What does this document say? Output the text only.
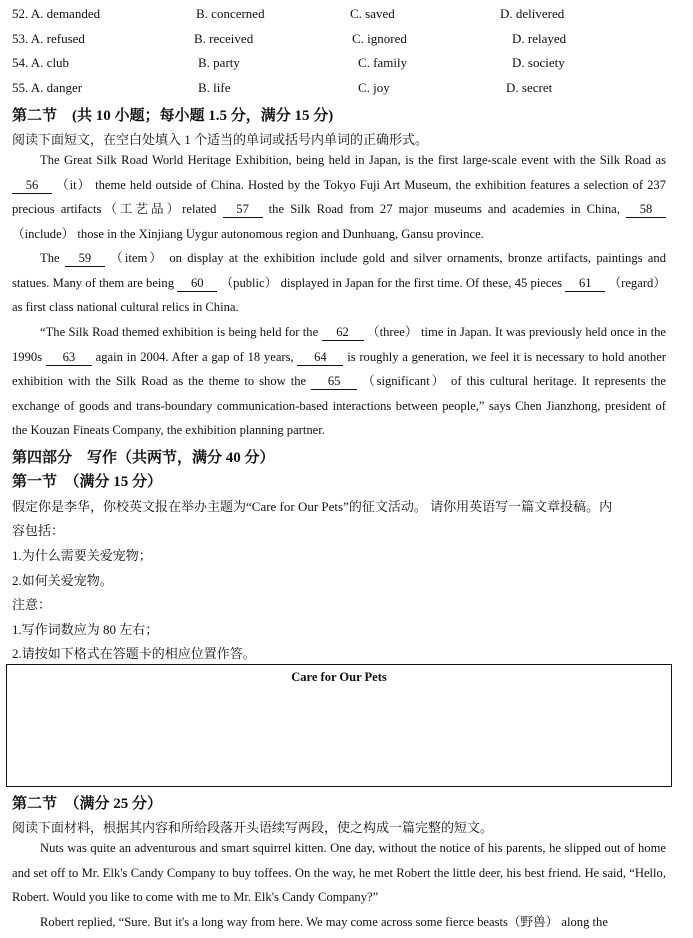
52. A. demanded	B. concerned	C. saved	D. delivered
53. A. refused	B. received	C. ignored	D. relayed
54. A. club	B. party	C. family	D. society
55. A. danger	B. life	C. joy	D. secret
第二节　(共 10 小题；每小题 1.5 分，满分 15 分)
阅读下面短文，在空白处填入 1 个适当的单词或括号内单词的正确形式。

The Great Silk Road World Heritage Exhibition, being held in Japan, is the first large-scale event with the Silk Road as 56 （it） theme held outside of China. Hosted by the Tokyo Fuji Art Museum, the exhibition features a selection of 237 precious artifacts（工艺品）related 57 the Silk Road from 27 major museums and academies in China, 58 （include） those in the Xinjiang Uygur autonomous region and Dunhuang, Gansu province.

The 59 （item） on display at the exhibition include gold and silver ornaments, bronze artifacts, paintings and statues. Many of them are being 60 （public） displayed in Japan for the first time. Of these, 45 pieces 61 （regard） as first class national cultural relics in China.

“The Silk Road themed exhibition is being held for the 62 （three） time in Japan. It was previously held once in the 1990s 63 again in 2004. After a gap of 18 years, 64 is roughly a generation, we feel it is necessary to hold another exhibition with the Silk Road as the theme to show the 65 （significant） of this cultural heritage. It represents the exchange of goods and trans-boundary communication-based interactions between people,” says Chen Jianzhong, president of the Kouzan Fineats Company, the exhibition planning partner.

第四部分　写作（共两节，满分 40 分）
第一节　（满分 15 分）
假定你是李华，你校英文报在举办主题为“Care for Our Pets”的征文活动。 请你用英语写一篇文章投稿。内
容包括：
1.为什么需要关爱宠物；
2.如何关爱宠物。
注意：
1.写作词数应为 80 左右；
2.请按如下格式在答题卡的相应位置作答。
Care for Our Pets
第二节　（满分 25 分）
阅读下面材料，根据其内容和所给段落开头语续写两段，使之构成一篇完整的短文。

Nuts was quite an adventurous and smart squirrel kitten. One day, without the notice of his parents, he slipped out of home and set off to Mr. Elk's Candy Company to buy toffees. On the way, he met Robert the little deer, his best friend. He said, “Hello, Robert. Would you like to come with me to Mr. Elk's Candy Company?”

Robert replied, “Sure. But it's a long way from here. We may come across some fierce beasts（野兽） along the
